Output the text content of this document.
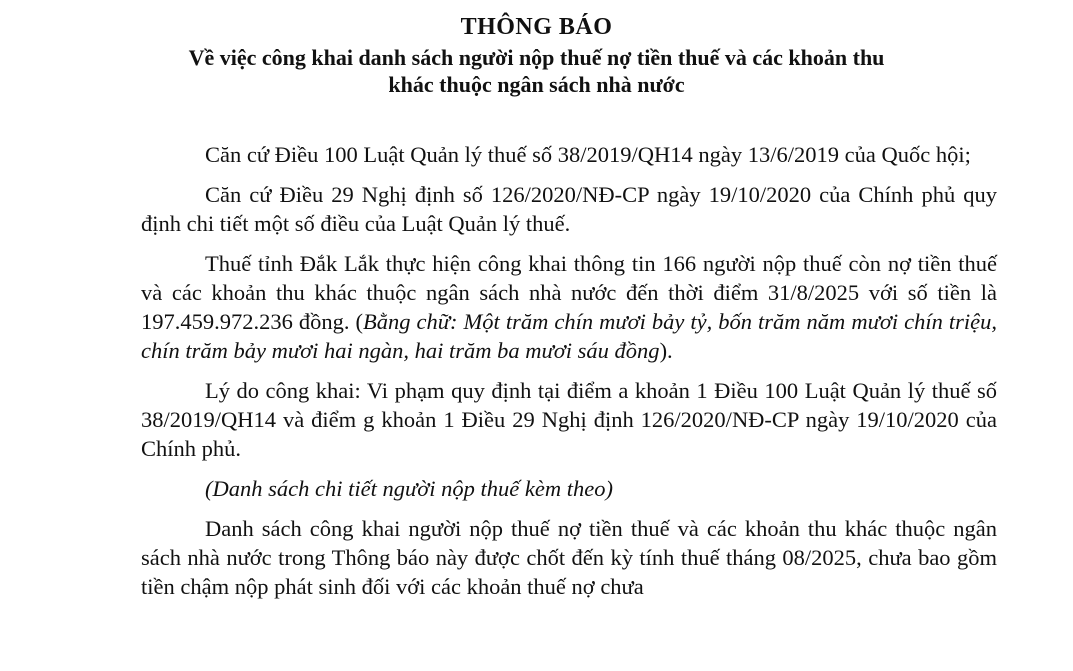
THÔNG BÁO
Về việc công khai danh sách người nộp thuế nợ tiền thuế và các khoản thu
khác thuộc ngân sách nhà nước

Căn cứ Điều 100 Luật Quản lý thuế số 38/2019/QH14 ngày 13/6/2019 của Quốc hội;

Căn cứ Điều 29 Nghị định số 126/2020/NĐ-CP ngày 19/10/2020 của Chính phủ quy định chi tiết một số điều của Luật Quản lý thuế.

Thuế tỉnh Đắk Lắk thực hiện công khai thông tin 166 người nộp thuế còn nợ tiền thuế và các khoản thu khác thuộc ngân sách nhà nước đến thời điểm 31/8/2025 với số tiền là 197.459.972.236 đồng. (Bằng chữ: Một trăm chín mươi bảy tỷ, bốn trăm năm mươi chín triệu, chín trăm bảy mươi hai ngàn, hai trăm ba mươi sáu đồng).

Lý do công khai: Vi phạm quy định tại điểm a khoản 1 Điều 100 Luật Quản lý thuế số 38/2019/QH14 và điểm g khoản 1 Điều 29 Nghị định 126/2020/NĐ-CP ngày 19/10/2020 của Chính phủ.

(Danh sách chi tiết người nộp thuế kèm theo)

Danh sách công khai người nộp thuế nợ tiền thuế và các khoản thu khác thuộc ngân sách nhà nước trong Thông báo này được chốt đến kỳ tính thuế tháng 08/2025, chưa bao gồm tiền chậm nộp phát sinh đối với các khoản thuế nợ chưa
